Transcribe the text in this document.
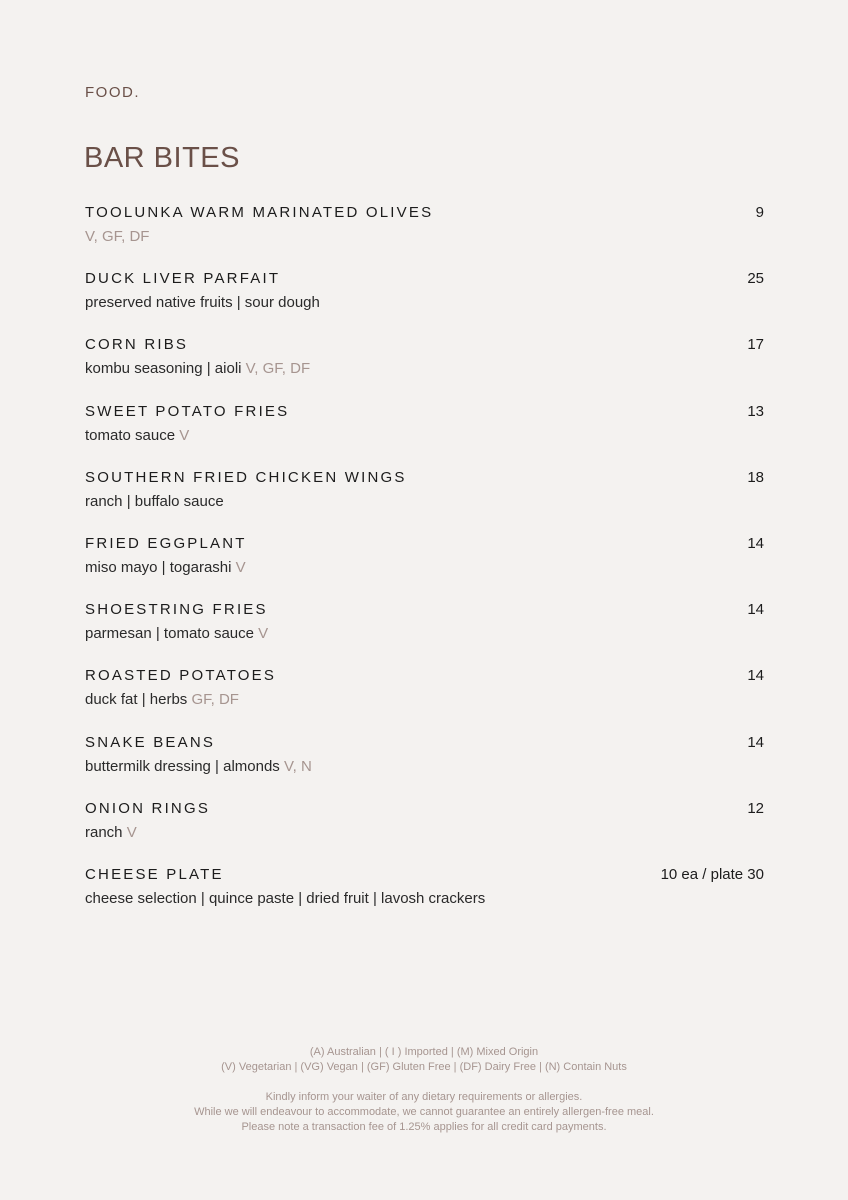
FOOD.
BAR BITES
TOOLUNKA WARM MARINATED OLIVES	9
V, GF, DF
DUCK LIVER PARFAIT	25
preserved native fruits | sour dough
CORN RIBS	17
kombu seasoning | aioli V, GF, DF
SWEET POTATO FRIES	13
tomato sauce V
SOUTHERN FRIED CHICKEN WINGS	18
ranch | buffalo sauce
FRIED EGGPLANT	14
miso mayo | togarashi V
SHOESTRING FRIES	14
parmesan | tomato sauce V
ROASTED POTATOES	14
duck fat | herbs GF, DF
SNAKE BEANS	14
buttermilk dressing | almonds V, N
ONION RINGS	12
ranch V
CHEESE PLATE	10 ea / plate 30
cheese selection | quince paste | dried fruit | lavosh crackers
(A) Australian | ( I ) Imported | (M) Mixed Origin
(V) Vegetarian | (VG) Vegan | (GF) Gluten Free | (DF) Dairy Free | (N) Contain Nuts
Kindly inform your waiter of any dietary requirements or allergies.
While we will endeavour to accommodate, we cannot guarantee an entirely allergen-free meal.
Please note a transaction fee of 1.25% applies for all credit card payments.
